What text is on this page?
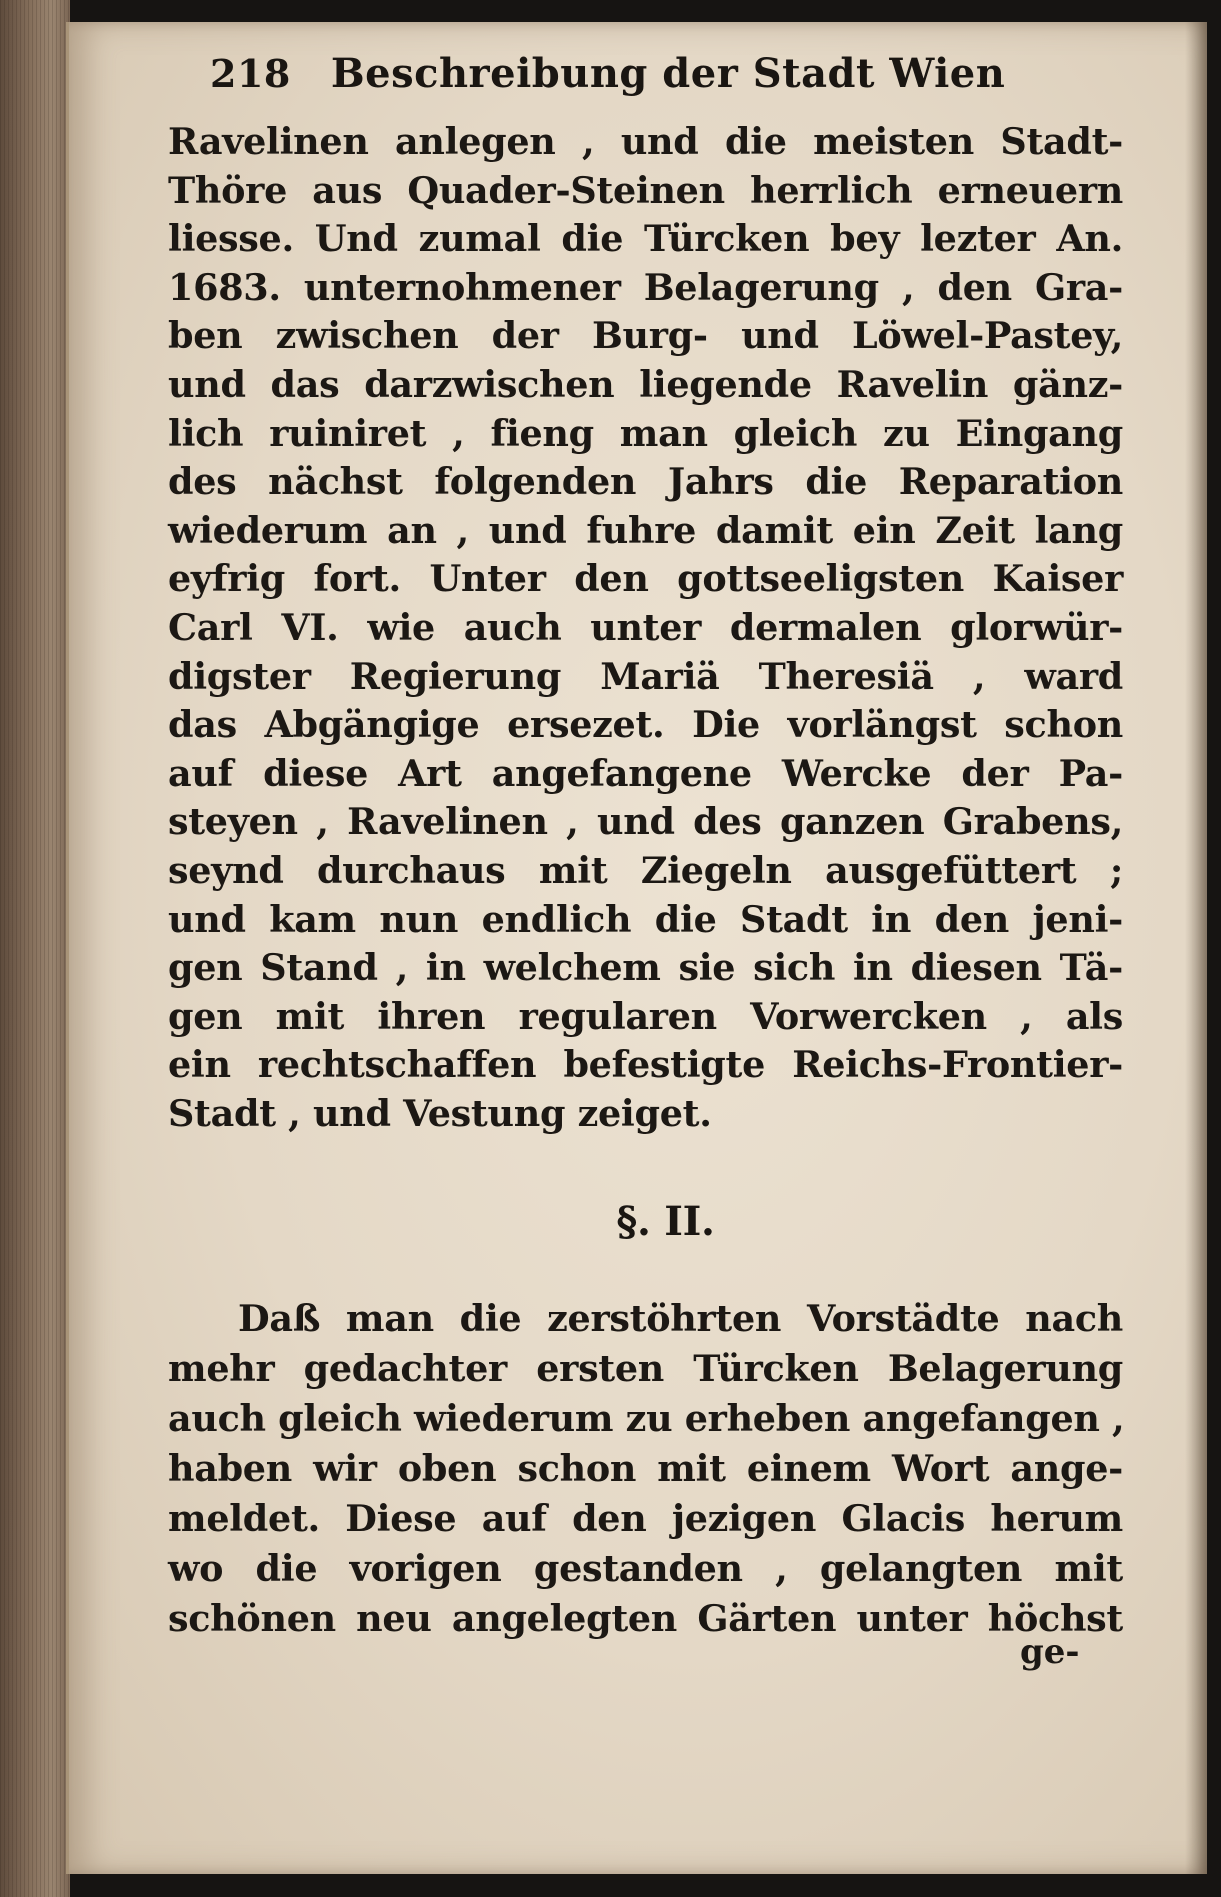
218 Beschreibung der Stadt Wien
Ravelinen anlegen , und die meisten Stadt-
Thöre aus Quader-Steinen herrlich erneuern
liesse. Und zumal die Türcken bey lezter An.
1683. unternohmener Belagerung , den Gra-
ben zwischen der Burg- und Löwel-Pastey,
und das darzwischen liegende Ravelin gänz-
lich ruiniret , fieng man gleich zu Eingang
des nächst folgenden Jahrs die Reparation
wiederum an , und fuhre damit ein Zeit lang
eyfrig fort. Unter den gottseeligsten Kaiser
Carl VI. wie auch unter dermalen glorwür-
digster Regierung Mariä Theresiä , ward
das Abgängige ersezet. Die vorlängst schon
auf diese Art angefangene Wercke der Pa-
steyen , Ravelinen , und des ganzen Grabens,
seynd durchaus mit Ziegeln ausgefüttert ;
und kam nun endlich die Stadt in den jeni-
gen Stand , in welchem sie sich in diesen Tä-
gen mit ihren regularen Vorwercken , als
ein rechtschaffen befestigte Reichs-Frontier-
Stadt , und Vestung zeiget.
§. II.
Daß man die zerstöhrten Vorstädte nach
mehr gedachter ersten Türcken Belagerung
auch gleich wiederum zu erheben angefangen ,
haben wir oben schon mit einem Wort ange-
meldet. Diese auf den jezigen Glacis herum
wo die vorigen gestanden , gelangten mit
schönen neu angelegten Gärten unter höchst
ge-
